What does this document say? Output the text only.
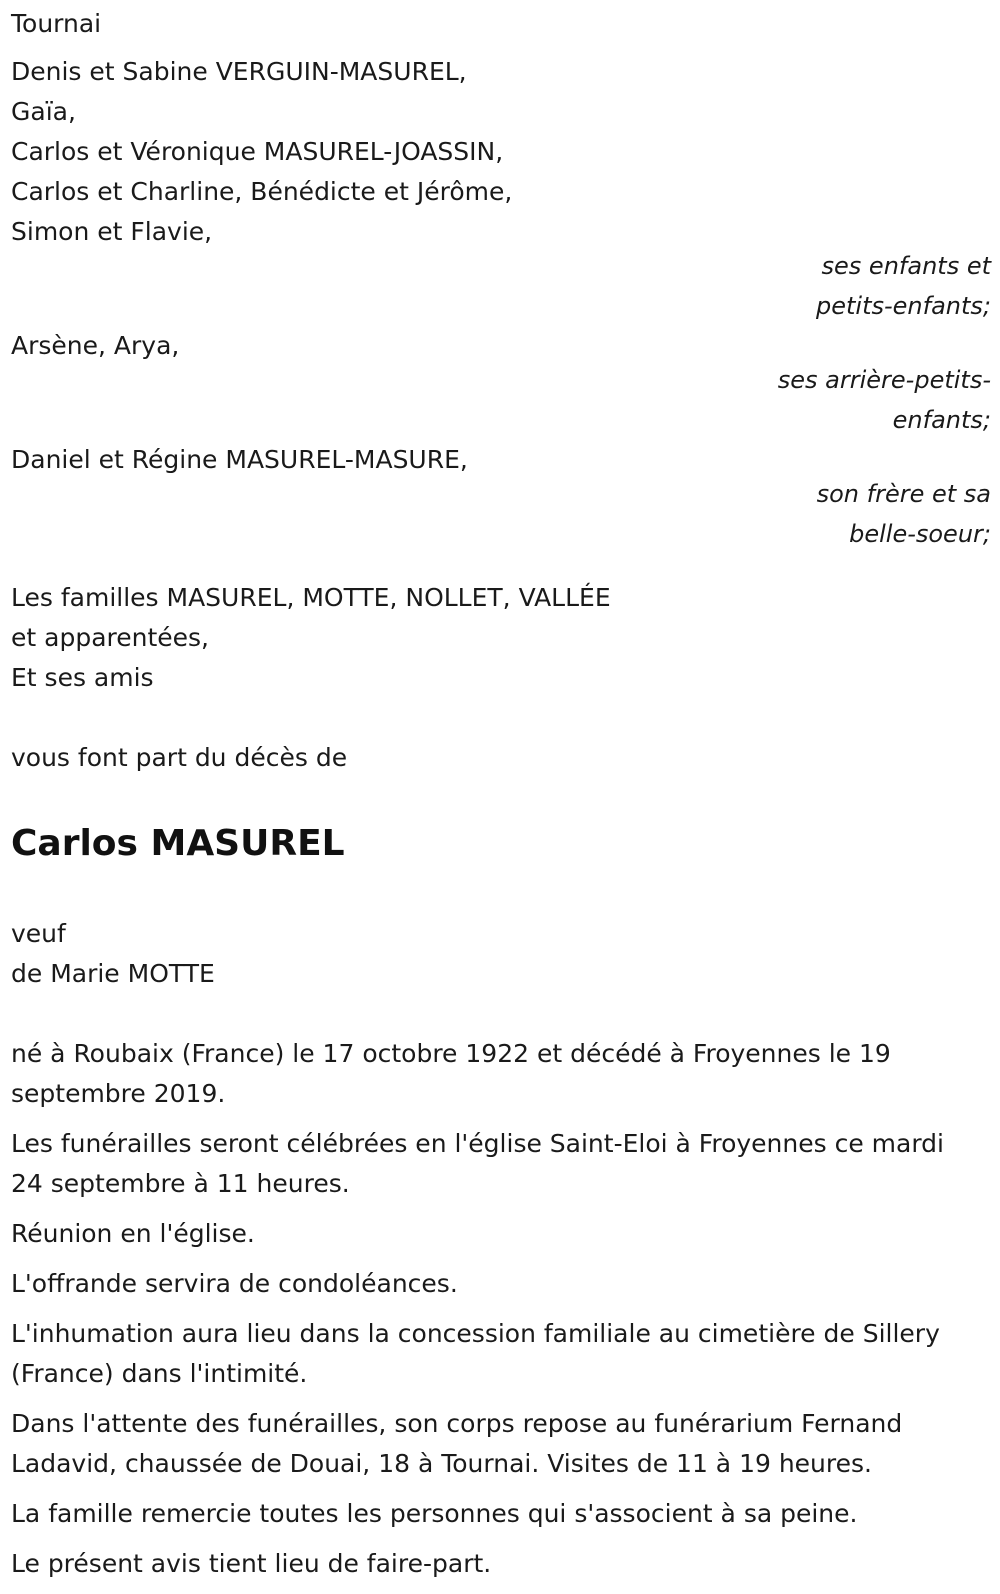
Tournai
Denis et Sabine VERGUIN-MASUREL,
Gaïa,
Carlos et Véronique MASUREL-JOASSIN,
Carlos et Charline, Bénédicte et Jérôme,
Simon et Flavie,
ses enfants et
petits-enfants;
Arsène, Arya,
ses arrière-petits-
enfants;
Daniel et Régine MASUREL-MASURE,
son frère et sa
belle-soeur;
Les familles MASUREL, MOTTE, NOLLET, VALLÉE
et apparentées,
Et ses amis
vous font part du décès de
Carlos MASUREL
veuf
de Marie MOTTE
né à Roubaix (France) le 17 octobre 1922 et décédé à Froyennes le 19 septembre 2019.
Les funérailles seront célébrées en l'église Saint-Eloi à Froyennes ce mardi 24 septembre à 11 heures.
Réunion en l'église.
L'offrande servira de condoléances.
L'inhumation aura lieu dans la concession familiale au cimetière de Sillery (France) dans l'intimité.
Dans l'attente des funérailles, son corps repose au funérarium Fernand Ladavid, chaussée de Douai, 18 à Tournai. Visites de 11 à 19 heures.
La famille remercie toutes les personnes qui s'associent à sa peine.
Le présent avis tient lieu de faire-part.
